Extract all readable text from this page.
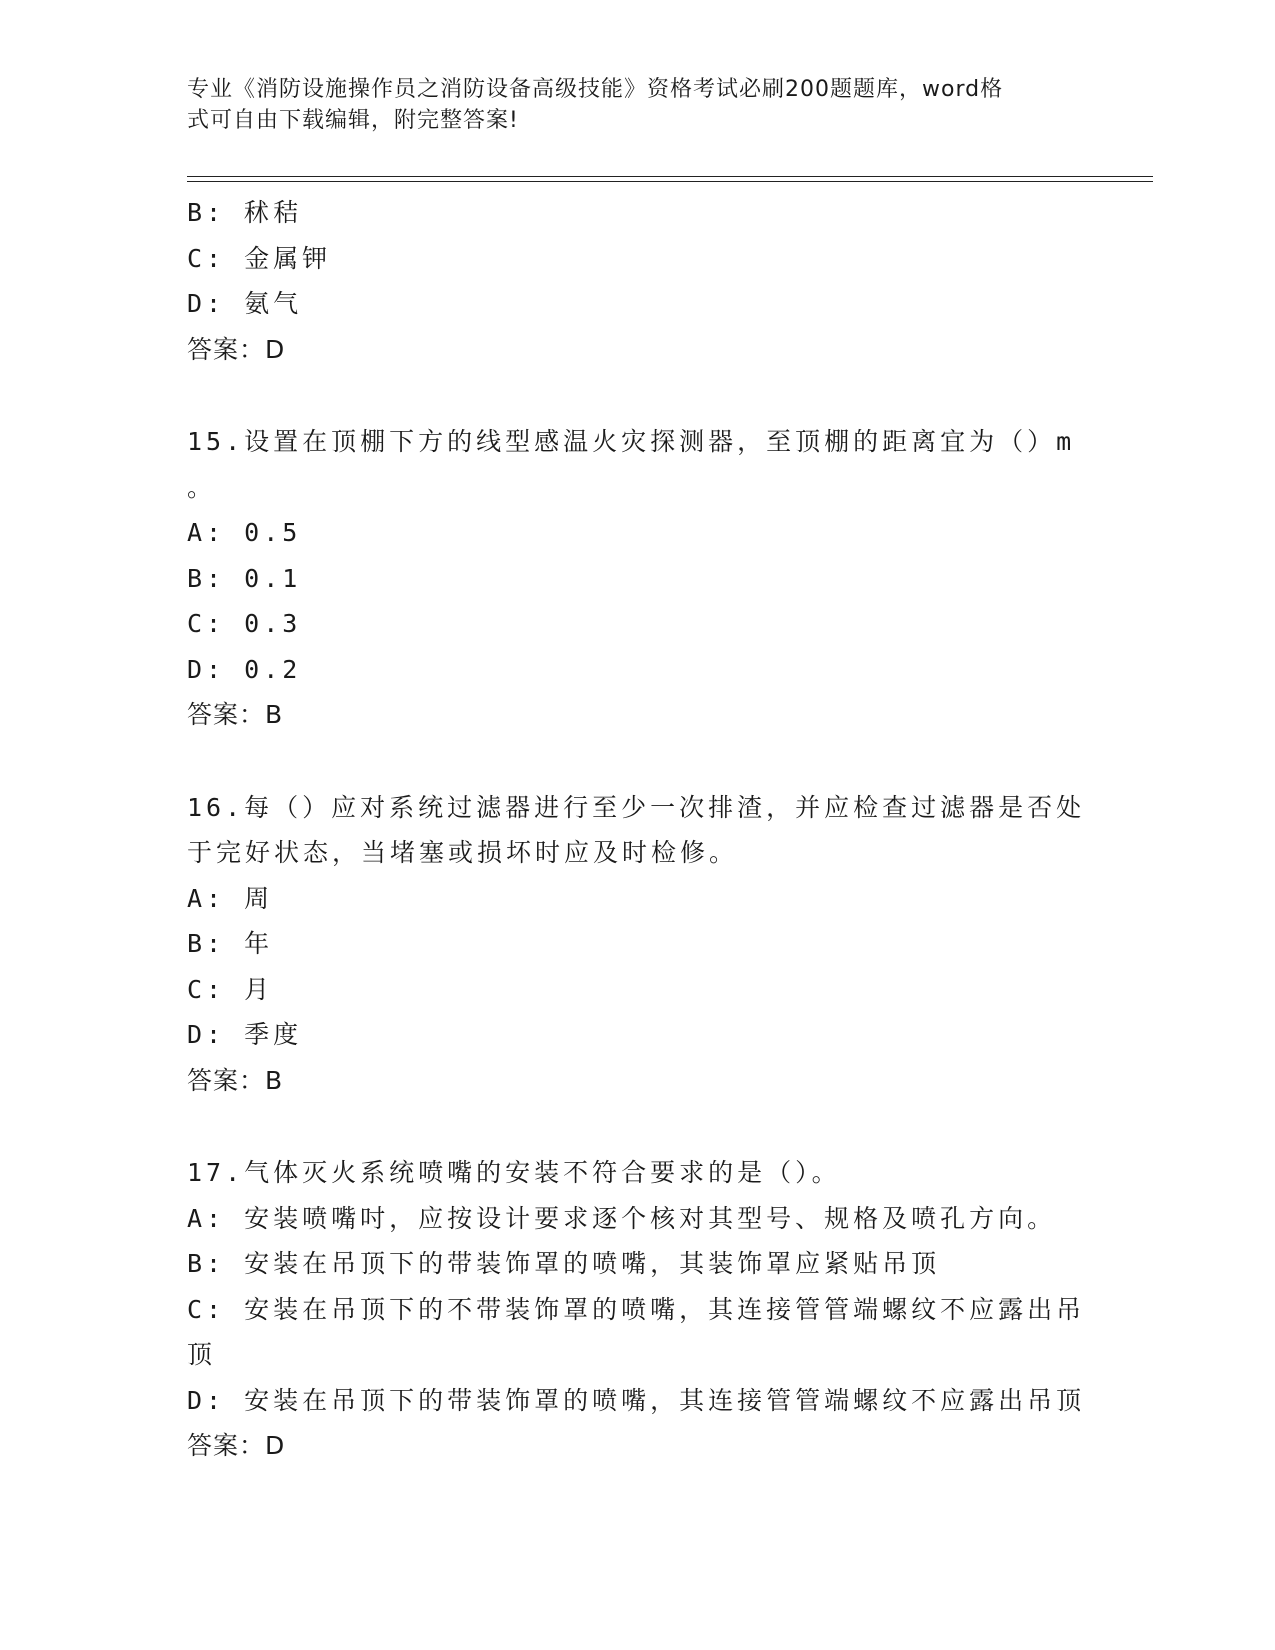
专业《消防设施操作员之消防设备高级技能》资格考试必刷200题题库，word格
式可自由下载编辑，附完整答案!
B: 秫秸
C: 金属钾
D: 氨气
答案：D
15.设置在顶棚下方的线型感温火灾探测器，至顶棚的距离宜为（）m
。
A: 0.5
B: 0.1
C: 0.3
D: 0.2
答案：B
16.每（）应对系统过滤器进行至少一次排渣，并应检查过滤器是否处
于完好状态，当堵塞或损坏时应及时检修。
A: 周
B: 年
C: 月
D: 季度
答案：B
17.气体灭火系统喷嘴的安装不符合要求的是（）。
A: 安装喷嘴吋，应按设计要求逐个核对其型号、规格及喷孔方向。
B: 安装在吊顶下的带装饰罩的喷嘴，其装饰罩应紧贴吊顶
C: 安装在吊顶下的不带装饰罩的喷嘴，其连接管管端螺纹不应露出吊
顶
D: 安装在吊顶下的带装饰罩的喷嘴，其连接管管端螺纹不应露出吊顶
答案：D
